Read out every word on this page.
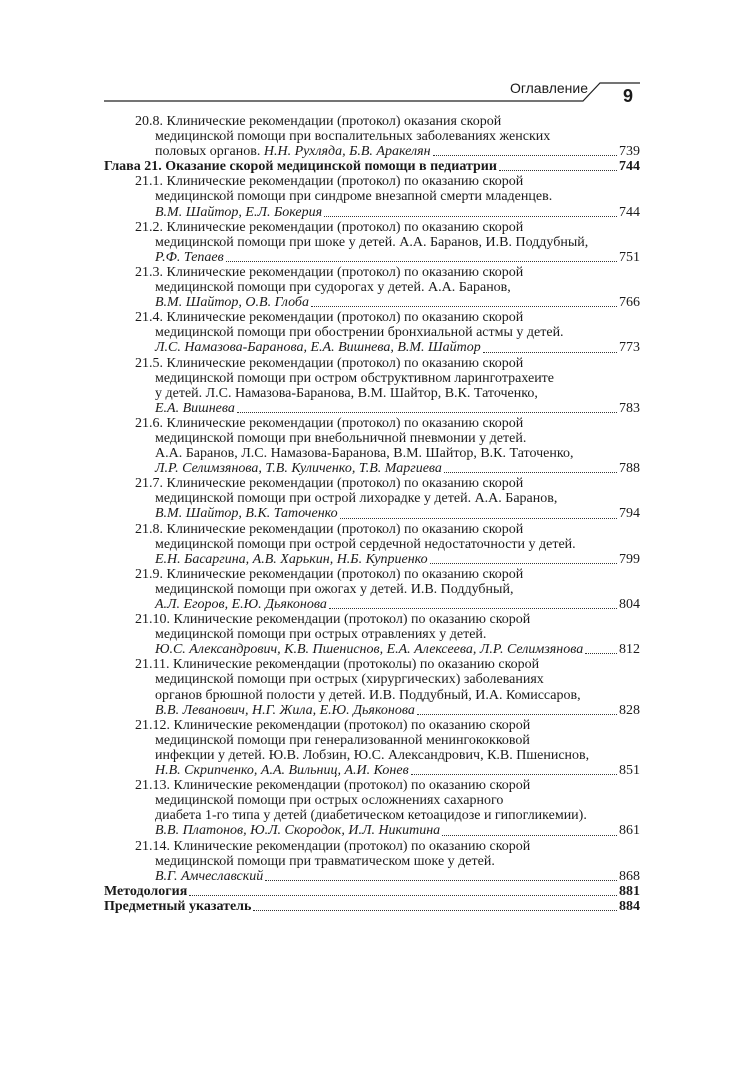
Оглавление 9
20.8. Клинические рекомендации (протокол) оказания скорой
медицинской помощи при воспалительных заболеваниях женских
половых органов. Н.Н. Рухляда, Б.В. Аракелян	739
Глава 21. Оказание скорой медицинской помощи в педиатрии	744
21.1. Клинические рекомендации (протокол) по оказанию скорой
медицинской помощи при синдроме внезапной смерти младенцев.
В.М. Шайтор, Е.Л. Бокерия	744
21.2. Клинические рекомендации (протокол) по оказанию скорой
медицинской помощи при шоке у детей. А.А. Баранов, И.В. Поддубный,
Р.Ф. Тепаев	751
21.3. Клинические рекомендации (протокол) по оказанию скорой
медицинской помощи при судорогах у детей. А.А. Баранов,
В.М. Шайтор, О.В. Глоба	766
21.4. Клинические рекомендации (протокол) по оказанию скорой
медицинской помощи при обострении бронхиальной астмы у детей.
Л.С. Намазова-Баранова, Е.А. Вишнева, В.М. Шайтор	773
21.5. Клинические рекомендации (протокол) по оказанию скорой
медицинской помощи при остром обструктивном ларинготрахеите
у детей. Л.С. Намазова-Баранова, В.М. Шайтор, В.К. Таточенко,
Е.А. Вишнева	783
21.6. Клинические рекомендации (протокол) по оказанию скорой
медицинской помощи при внебольничной пневмонии у детей.
А.А. Баранов, Л.С. Намазова-Баранова, В.М. Шайтор, В.К. Таточенко,
Л.Р. Селимзянова, Т.В. Куличенко, Т.В. Маргиева	788
21.7. Клинические рекомендации (протокол) по оказанию скорой
медицинской помощи при острой лихорадке у детей. А.А. Баранов,
В.М. Шайтор, В.К. Таточенко	794
21.8. Клинические рекомендации (протокол) по оказанию скорой
медицинской помощи при острой сердечной недостаточности у детей.
Е.Н. Басаргина, А.В. Харькин, Н.Б. Куприенко	799
21.9. Клинические рекомендации (протокол) по оказанию скорой
медицинской помощи при ожогах у детей. И.В. Поддубный,
А.Л. Егоров, Е.Ю. Дьяконова	804
21.10. Клинические рекомендации (протокол) по оказанию скорой
медицинской помощи при острых отравлениях у детей.
Ю.С. Александрович, К.В. Пшениснов, Е.А. Алексеева, Л.Р. Селимзянова	812
21.11. Клинические рекомендации (протоколы) по оказанию скорой
медицинской помощи при острых (хирургических) заболеваниях
органов брюшной полости у детей. И.В. Поддубный, И.А. Комиссаров,
В.В. Леванович, Н.Г. Жила, Е.Ю. Дьяконова	828
21.12. Клинические рекомендации (протокол) по оказанию скорой
медицинской помощи при генерализованной менингококковой
инфекции у детей. Ю.В. Лобзин, Ю.С. Александрович, К.В. Пшениснов,
Н.В. Скрипченко, А.А. Вильниц, А.И. Конев	851
21.13. Клинические рекомендации (протокол) по оказанию скорой
медицинской помощи при острых осложнениях сахарного
диабета 1-го типа у детей (диабетическом кетоацидозе и гипогликемии).
В.В. Платонов, Ю.Л. Скородок, И.Л. Никитина	861
21.14. Клинические рекомендации (протокол) по оказанию скорой
медицинской помощи при травматическом шоке у детей.
В.Г. Амчеславский	868
Методология	881
Предметный указатель	884
